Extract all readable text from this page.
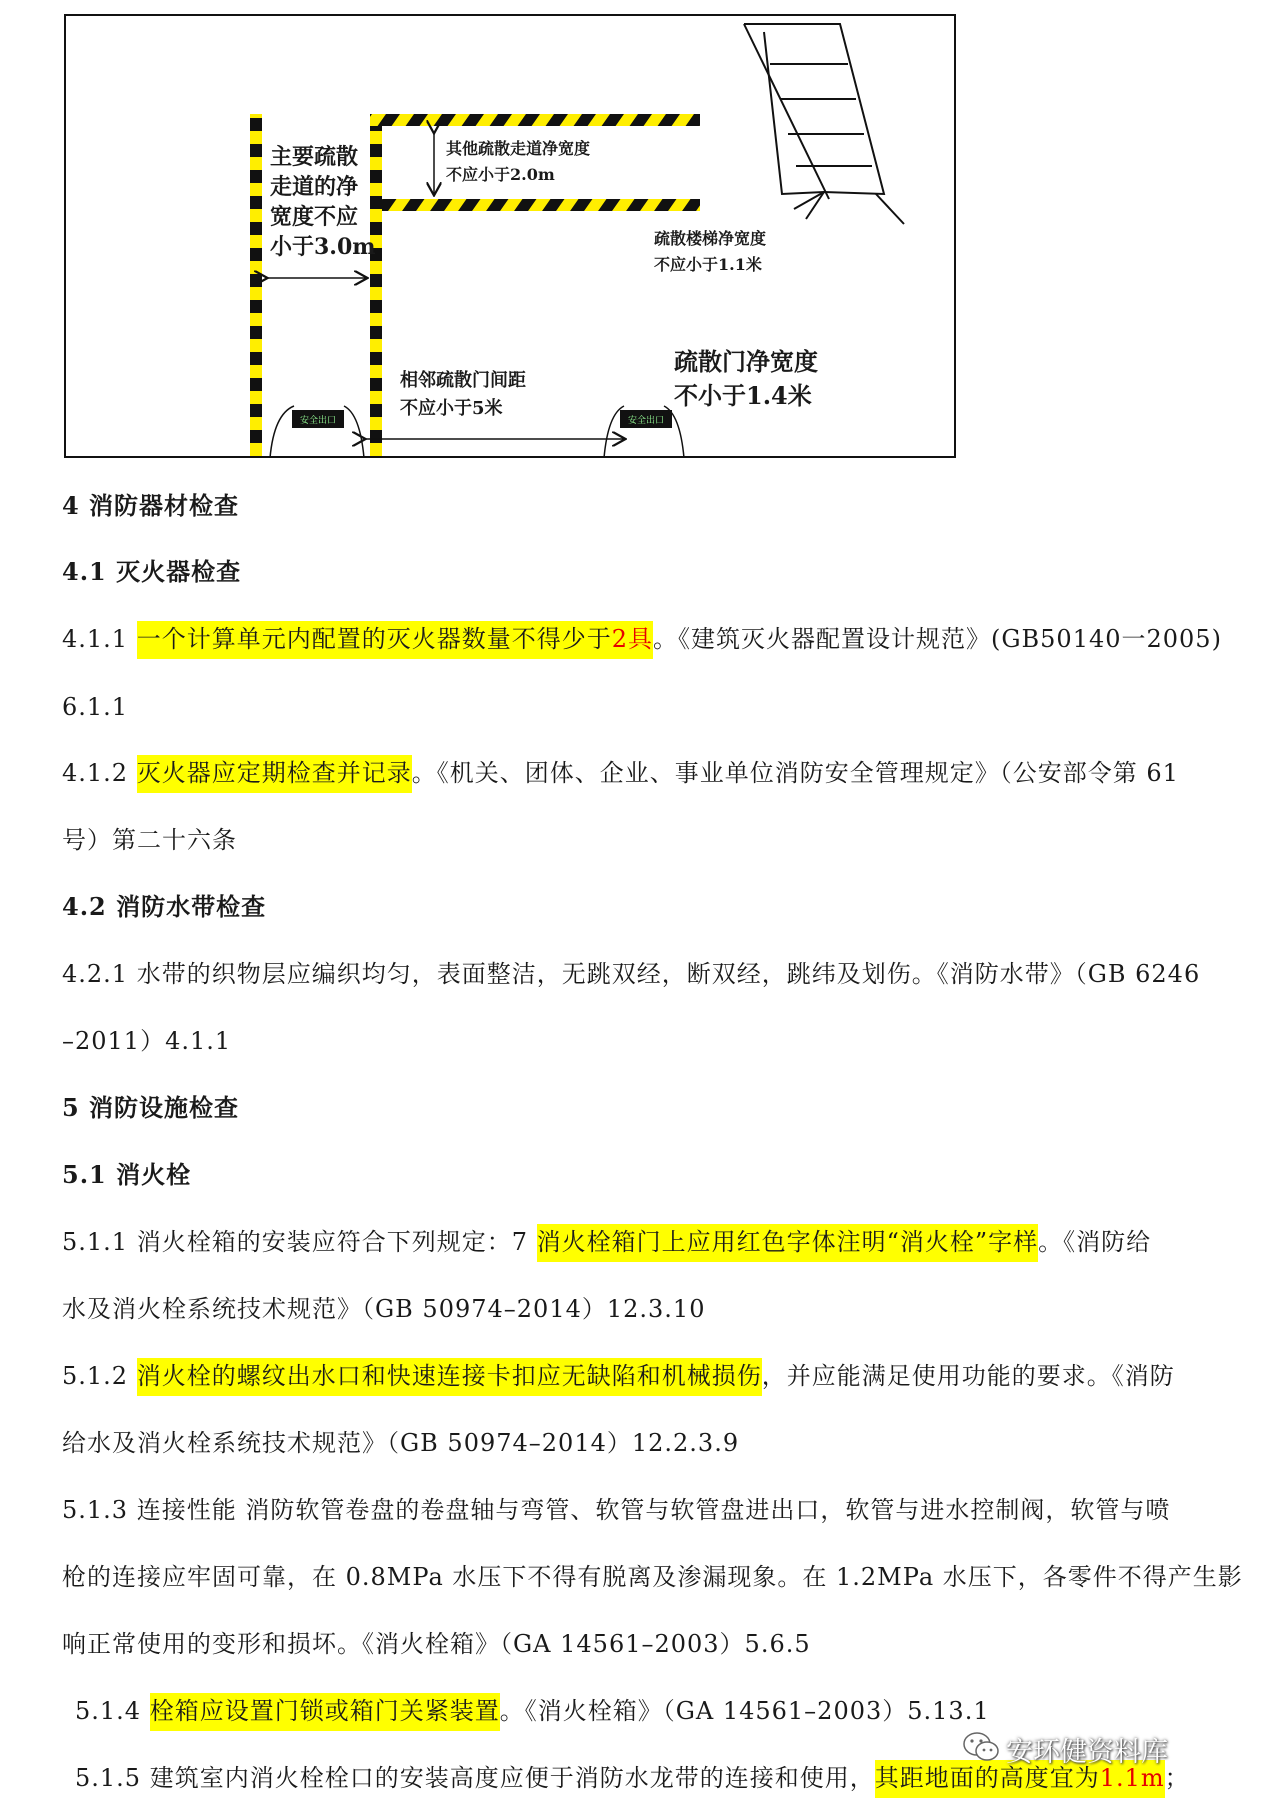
安全出口	安全出口
主要疏散
走道的净
宽度不应
小于3.0m
其他疏散走道净宽度
不应小于2.0m
疏散楼梯净宽度
不应小于1.1米
疏散门净宽度
不小于1.4米
相邻疏散门间距
不应小于5米
4 消防器材检查
4.1 灭火器检查
4.1.1 一个计算单元内配置的灭火器数量不得少于2具。《建筑灭火器配置设计规范》(GB50140一2005)
6.1.1
4.1.2 灭火器应定期检查并记录。《机关、团体、企业、事业单位消防安全管理规定》（公安部令第 61
号）第二十六条
4.2 消防水带检查
4.2.1 水带的织物层应编织均匀，表面整洁，无跳双经，断双经，跳纬及划伤。《消防水带》（GB 6246
–2011）4.1.1
5 消防设施检查
5.1 消火栓
5.1.1 消火栓箱的安装应符合下列规定：7 消火栓箱门上应用红色字体注明“消火栓”字样。《消防给
水及消火栓系统技术规范》（GB 50974–2014）12.3.10
5.1.2 消火栓的螺纹出水口和快速连接卡扣应无缺陷和机械损伤，并应能满足使用功能的要求。《消防
给水及消火栓系统技术规范》（GB 50974–2014）12.2.3.9
5.1.3 连接性能 消防软管卷盘的卷盘轴与弯管、软管与软管盘进出口，软管与进水控制阀，软管与喷
枪的连接应牢固可靠，在 0.8MPa 水压下不得有脱离及渗漏现象。在 1.2MPa 水压下，各零件不得产生影
响正常使用的变形和损坏。《消火栓箱》（GA 14561–2003）5.6.5
5.1.4 栓箱应设置门锁或箱门关紧装置。《消火栓箱》（GA 14561–2003）5.13.1
5.1.5 建筑室内消火栓栓口的安装高度应便于消防水龙带的连接和使用，其距地面的高度宜为1.1m；
安环健资料库
